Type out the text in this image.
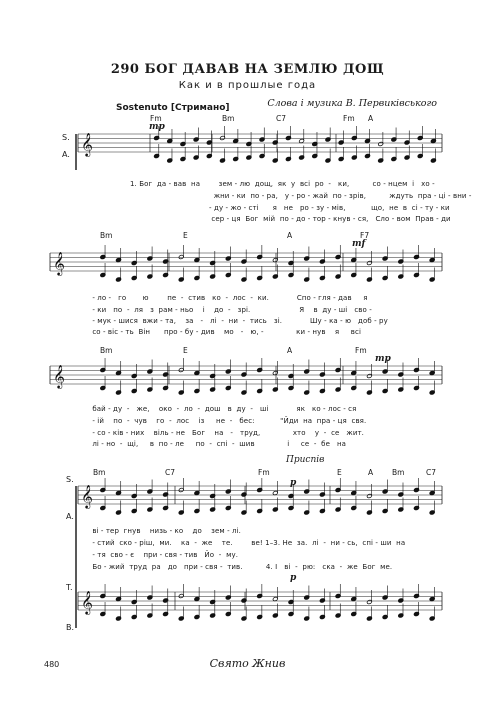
290 БОГ ДАВАВ НА ЗЕМЛЮ ДОЩ
Как и в прошлые года
Слова і музика В. Первиківського
Sostenuto [Стримано]
S.
A.
Fm	Bm	C7	Fm A
mp
1. Бог  да - вав  на        зем - лю  дощ,  як  у  всі  ро  -   ки,          со - нцем  і   хо -
жни - ки  по - ра,   у - ро - жай  по - зрів,          ждуть  пра - ці - вни -
- ду - жо - сті      я   не   ро - зу - мів,           що,  не  в  сі - ту - ки
сер - ця  Бог  мій  по - до - тор - кнув - ся,   Сло - вом  Прав - ди
Bm	E	A	F7
mf
- ло -   го       ю        пе  -  стив   ко  -  лос  -  ки.            Спо - гля - дав     я
- ки   по  -  ля   з  рам - ньо    і    до  -   зрі.                     Я    в  ду - ші   сво -
- мук - шися  вжи - та,    за   -   лі  -  ни  -  тись   зі.            Шу - ка - ю   доб - ру
со - віс - ть  Він      про - бу - див    мо   -   ю, -              ки - нув    я     всі
Bm	E	A	Fm
mp
бай - ду  -   же,    око  -  ло  -  дош   в  ду  -   ші            як   ко - лос - ся
- ій    по  -  чув    го  -  лос    із     не  -   бес:           "Йди  на  пра - ця  свя.
- со - ків - них    віль - не   Бог    на   -   труд,              хто    у  -  се   жит.
лі - но  -  щі,     в  по - ле     по  -  спі  -  шив              і     се  -  бе   на
Приспів
Bm	C7	Fm	E	A	Bm	C7
p
p
S.
A.
T.
B.
ві - тер  гнув    низь - ко    до    зем - лі.
- стий  ско - ріш,  ми.    ка  -  же    те.        ве! 1–3. Не  за.  лі  -  ни - сь,  спі - ши  на
- тя  сво - є    при - свя - тив   Йо  -  му.
Бо - жий  труд  ра   до   при - свя -  тив.          4. І   ві  -  рю:   ска  -  же  Бог  ме.
480	Свято Жнив
𝄞
𝄞
𝄞
𝄞
𝄞
